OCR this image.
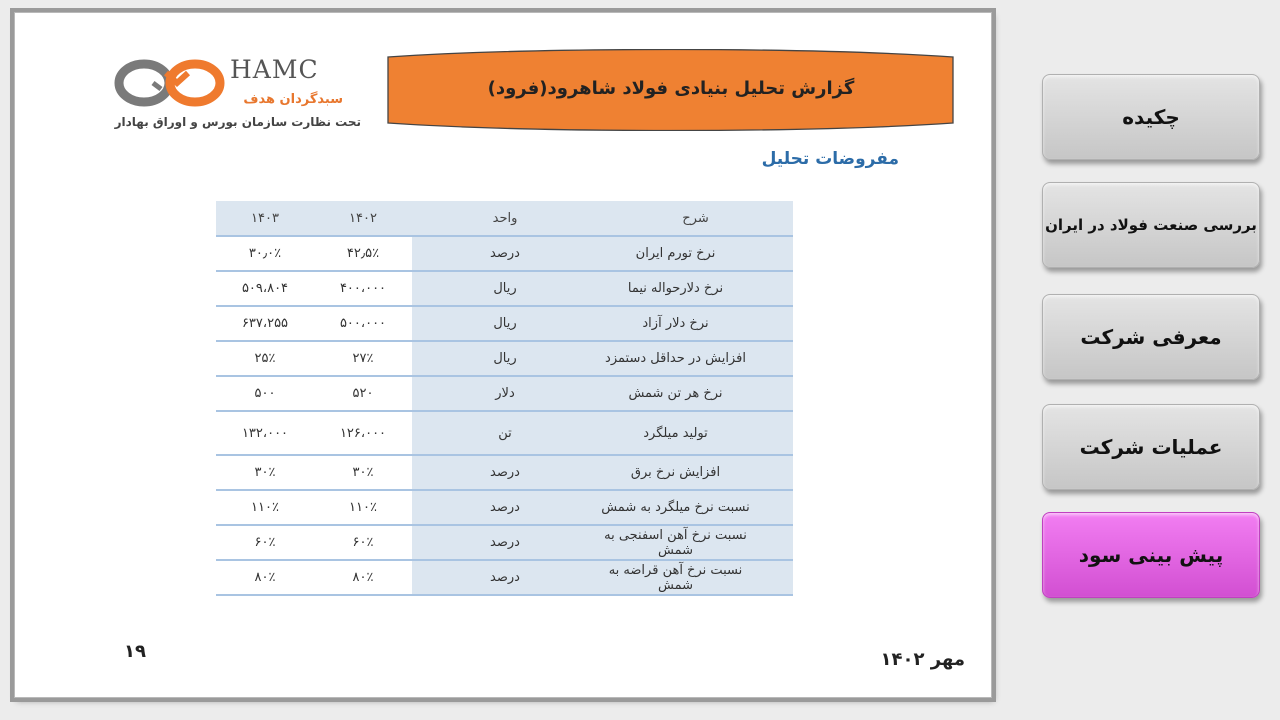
HAMC
سبدگردان هدف
تحت نظارت سازمان بورس و اوراق بهادار
گزارش تحلیل بنیادی فولاد شاهرود(فرود)
مفروضات تحلیل
۱۴۰۳	۱۴۰۲	واحد	شرح
۳۰٫۰٪	۴۲٫۵٪	درصد	نرخ تورم ایران
۵۰۹،۸۰۴	۴۰۰،۰۰۰	ریال	نرخ دلارحواله نیما
۶۳۷،۲۵۵	۵۰۰،۰۰۰	ریال	نرخ دلار آزاد
۲۵٪	۲۷٪	ریال	افزایش در حداقل دستمزد
۵۰۰	۵۲۰	دلار	نرخ هر تن شمش
۱۳۲،۰۰۰	۱۲۶،۰۰۰	تن	تولید میلگرد
۳۰٪	۳۰٪	درصد	افزایش نرخ برق
۱۱۰٪	۱۱۰٪	درصد	نسبت نرخ میلگرد به شمش
۶۰٪	۶۰٪	درصد	نسبت نرخ آهن اسفنجی به شمش
۸۰٪	۸۰٪	درصد	نسبت نرخ آهن قراضه به شمش
۱۹	مهر ۱۴۰۲
چکیده
بررسی صنعت فولاد در ایران
معرفی شرکت
عملیات شرکت
پیش بینی سود
